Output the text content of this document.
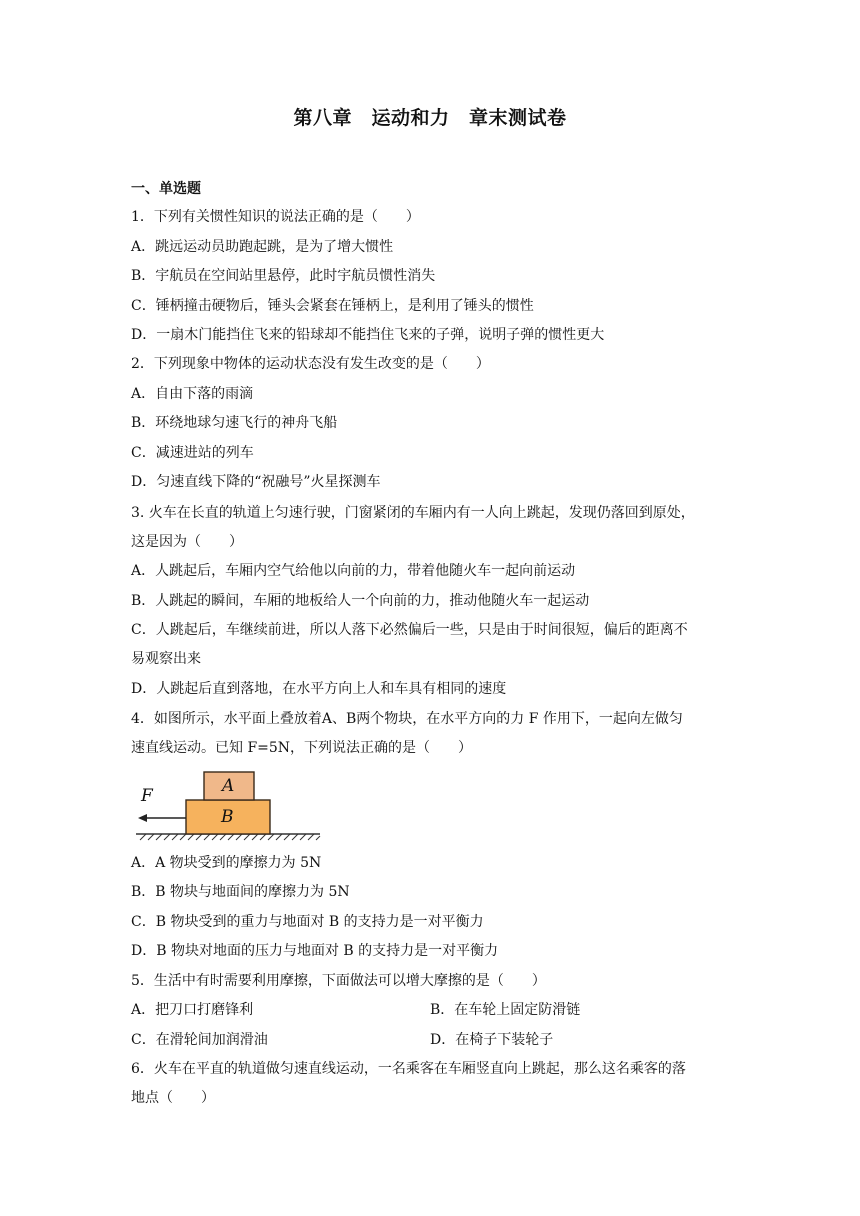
第八章　运动和力　章末测试卷
一、单选题
1．下列有关惯性知识的说法正确的是（　　）
A．跳远运动员助跑起跳，是为了增大惯性
B．宇航员在空间站里悬停，此时宇航员惯性消失
C．锤柄撞击硬物后，锤头会紧套在锤柄上，是利用了锤头的惯性
D．一扇木门能挡住飞来的铅球却不能挡住飞来的子弹，说明子弹的惯性更大
2．下列现象中物体的运动状态没有发生改变的是（　　）
A．自由下落的雨滴
B．环绕地球匀速飞行的神舟飞船
C．减速进站的列车
D．匀速直线下降的“祝融号”火星探测车
3. 火车在长直的轨道上匀速行驶，门窗紧闭的车厢内有一人向上跳起，发现仍落回到原处，
这是因为（　　）
A．人跳起后，车厢内空气给他以向前的力，带着他随火车一起向前运动
B．人跳起的瞬间，车厢的地板给人一个向前的力，推动他随火车一起运动
C．人跳起后，车继续前进，所以人落下必然偏后一些，只是由于时间很短，偏后的距离不
易观察出来
D．人跳起后直到落地，在水平方向上人和车具有相同的速度
4．如图所示，水平面上叠放着A、B两个物块，在水平方向的力 F 作用下，一起向左做匀
速直线运动。已知 F=5N，下列说法正确的是（　　）
F	A
B
A．A 物块受到的摩擦力为 5N
B．B 物块与地面间的摩擦力为 5N
C．B 物块受到的重力与地面对 B 的支持力是一对平衡力
D．B 物块对地面的压力与地面对 B 的支持力是一对平衡力
5．生活中有时需要利用摩擦，下面做法可以增大摩擦的是（　　）
A．把刀口打磨锋利	B．在车轮上固定防滑链
C．在滑轮间加润滑油	D．在椅子下装轮子
6．火车在平直的轨道做匀速直线运动，一名乘客在车厢竖直向上跳起，那么这名乘客的落
地点（　　）
